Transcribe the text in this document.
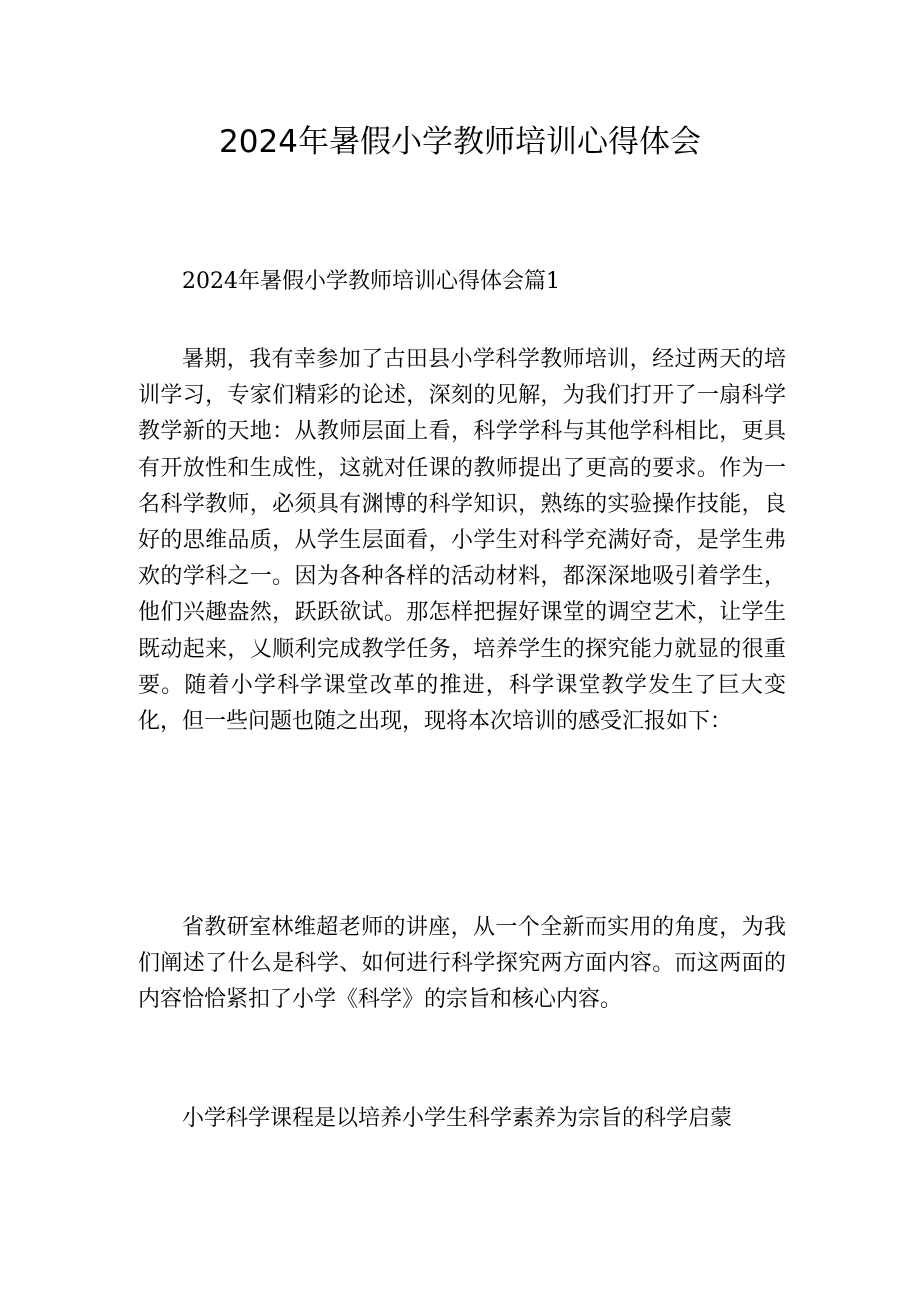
2024年暑假小学教师培训心得体会

2024年暑假小学教师培训心得体会篇1

暑期，我有幸参加了古田县小学科学教师培训，经过两天的培训学习，专家们精彩的论述，深刻的见解，为我们打开了一扇科学教学新的天地：从教师层面上看，科学学科与其他学科相比，更具有开放性和生成性，这就对任课的教师提出了更高的要求。作为一名科学教师，必须具有渊博的科学知识，熟练的实验操作技能，良好的思维品质，从学生层面看，小学生对科学充满好奇，是学生弗欢的学科之一。因为各种各样的活动材料，都深深地吸引着学生，他们兴趣盎然，跃跃欲试。那怎样把握好课堂的调空艺术，让学生既动起来，乂顺利完成教学任务，培养学生的探究能力就显的很重要。随着小学科学课堂改革的推进，科学课堂教学发生了巨大变化，但一些问题也随之出现，现将本次培训的感受汇报如下：

省教研室林维超老师的讲座，从一个全新而实用的角度，为我们阐述了什么是科学、如何进行科学探究两方面内容。而这两面的内容恰恰紧扣了小学《科学》的宗旨和核心内容。

小学科学课程是以培养小学生科学素养为宗旨的科学启蒙
